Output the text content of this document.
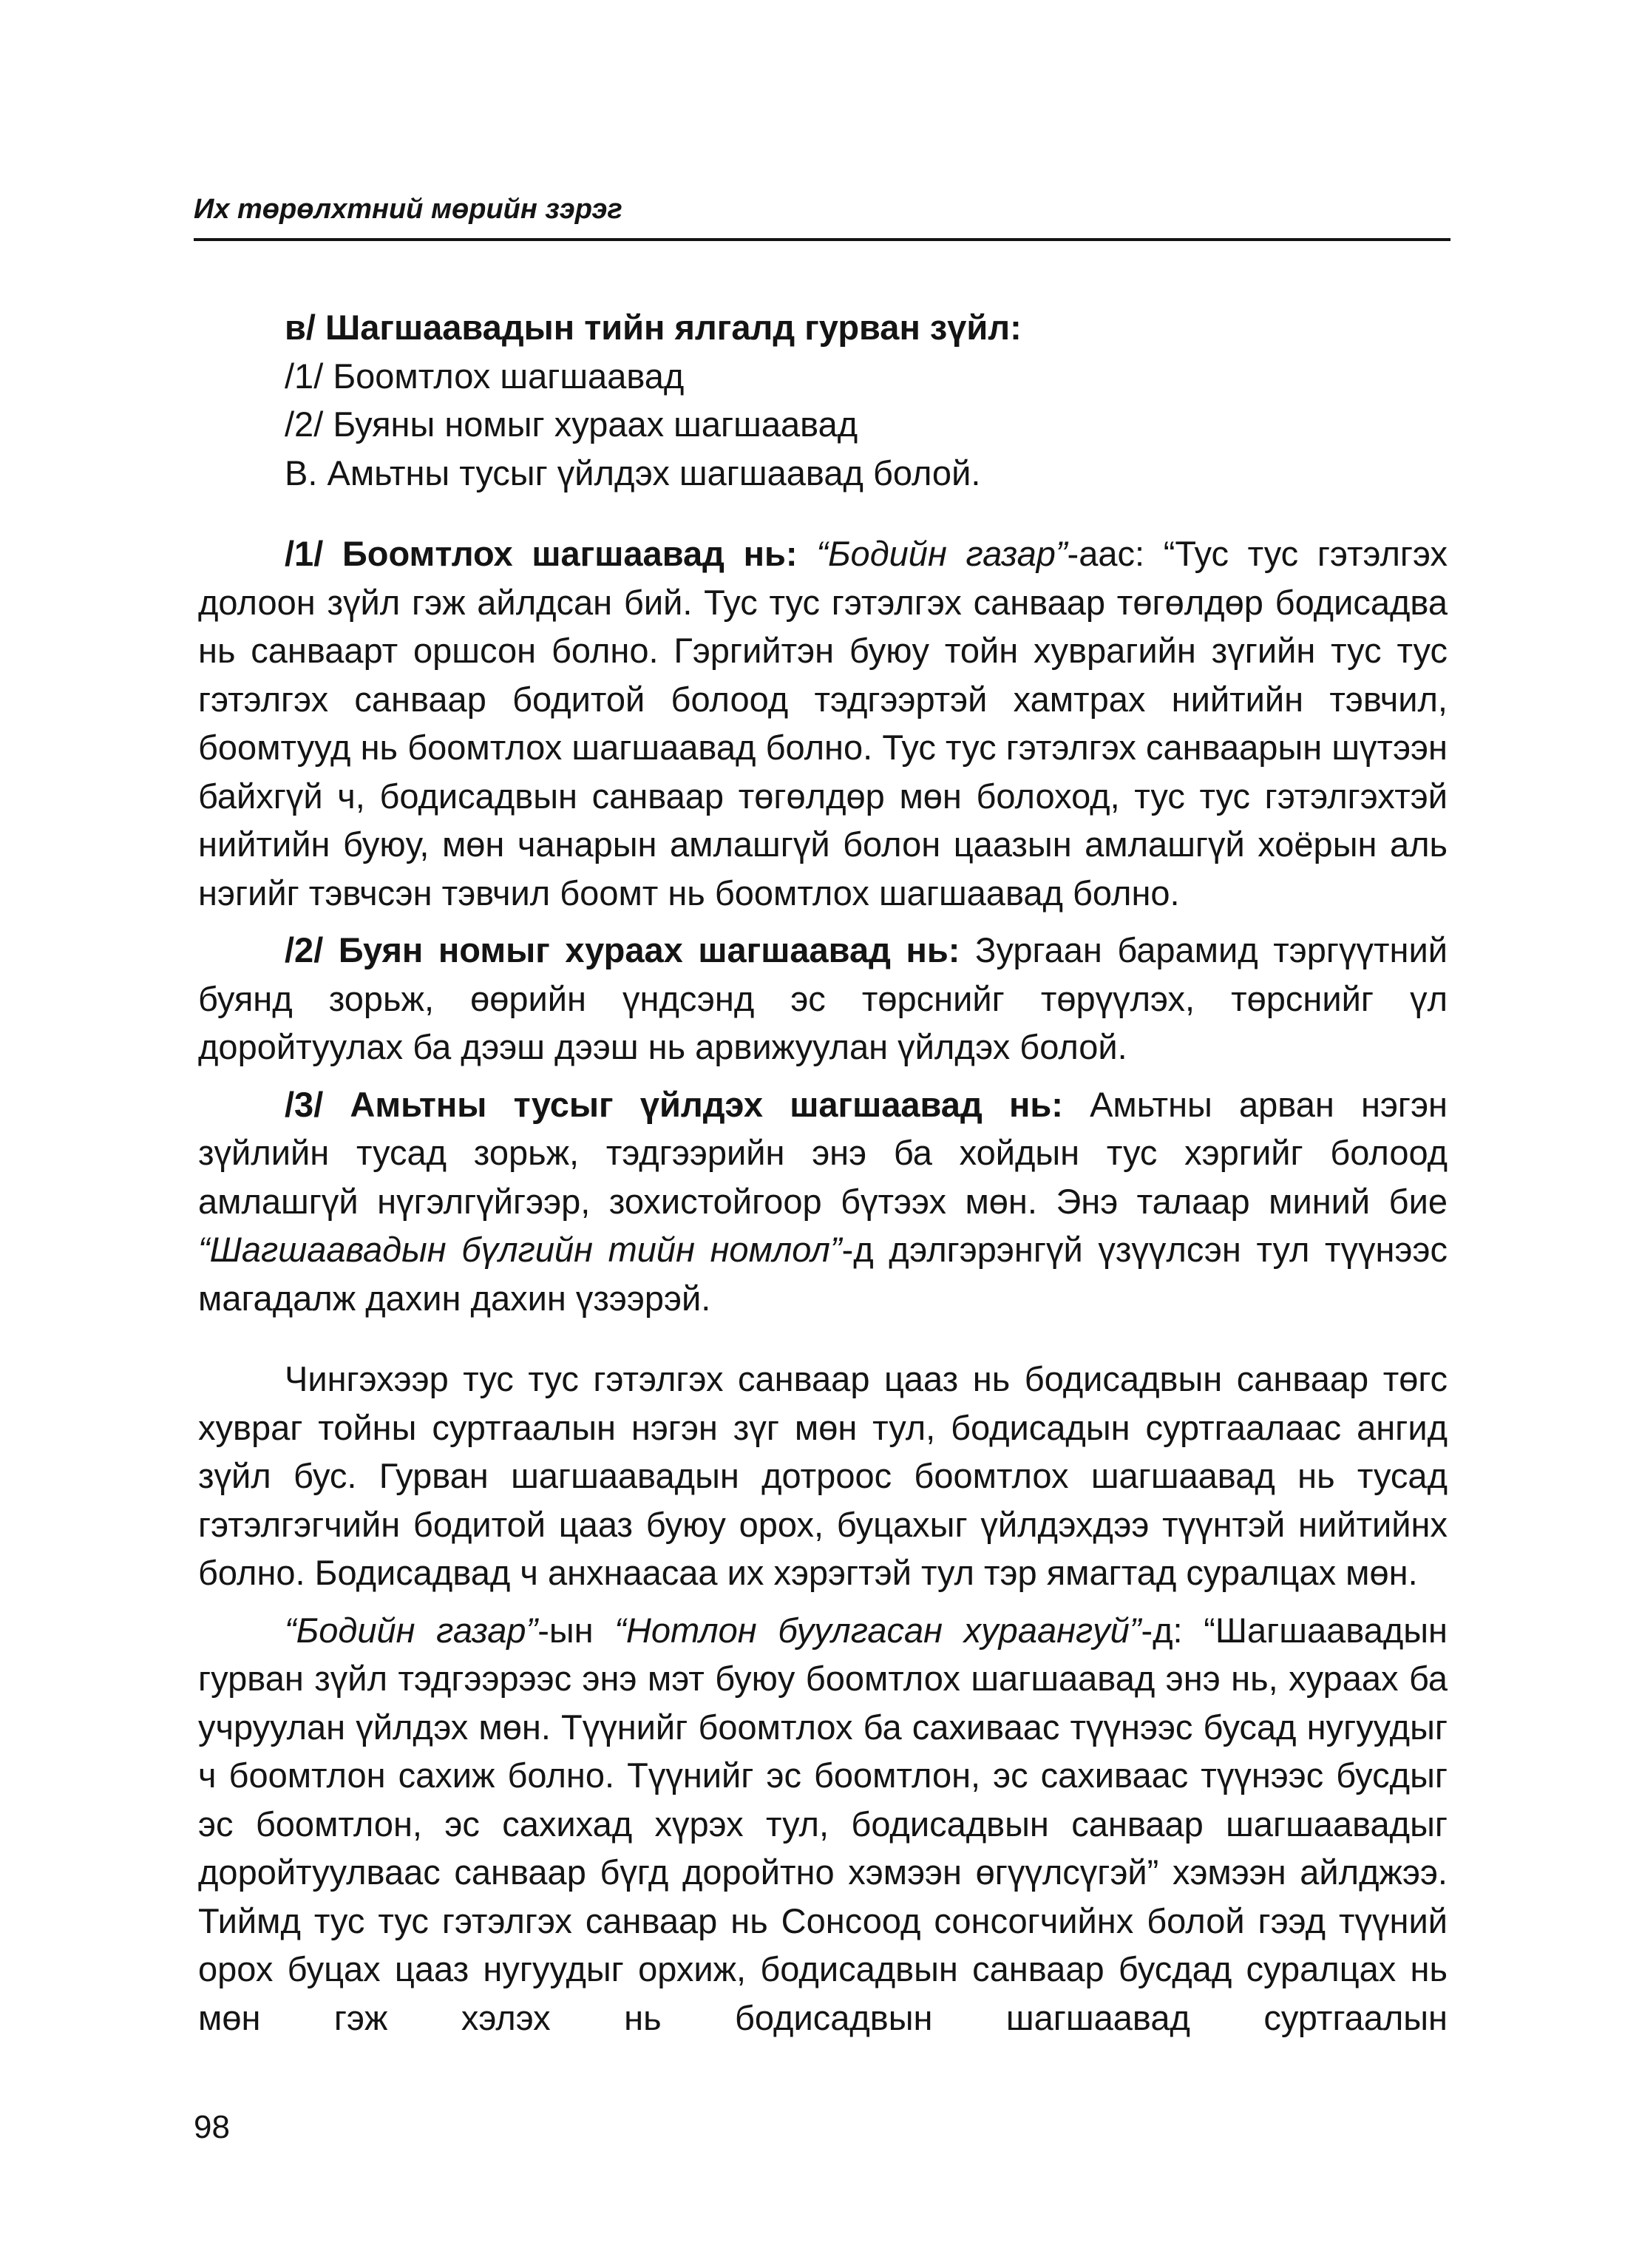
Их төрөлхтний мөрийн зэрэг
в/ Шагшаавадын тийн ялгалд гурван зүйл:
/1/ Боомтлох шагшаавад
/2/ Буяны номыг хураах шагшаавад
В. Амьтны тусыг үйлдэх шагшаавад болой.

/1/ Боомтлох шагшаавад нь: “Бодийн газар”-аас: “Тус тус гэтэлгэх долоон зүйл гэж айлдсан бий. Тус тус гэтэлгэх санваар төгөлдөр бодисадва нь санваарт оршсон болно. Гэргийтэн буюу тойн хуврагийн зүгийн тус тус гэтэлгэх санваар бодитой болоод тэдгээртэй хамтрах нийтийн тэвчил, боомтууд нь боомтлох шагшаавад болно. Тус тус гэтэлгэх санваарын шүтээн байхгүй ч, бодисадвын санваар төгөлдөр мөн болоход, тус тус гэтэлгэхтэй нийтийн буюу, мөн чанарын амлашгүй болон цаазын амлашгүй хоёрын аль нэгийг тэвчсэн тэвчил боомт нь боомтлох шагшаавад болно.

/2/ Буян номыг хураах шагшаавад нь: Зургаан барамид тэргүүтний буянд зорьж, өөрийн үндсэнд эс төрснийг төрүүлэх, төрснийг үл доройтуулах ба дээш дээш нь арвижуулан үйлдэх болой.

/3/ Амьтны тусыг үйлдэх шагшаавад нь: Амьтны арван нэгэн зүйлийн тусад зорьж, тэдгээрийн энэ ба хойдын тус хэргийг болоод амлашгүй нүгэлгүйгээр, зохистойгоор бүтээх мөн. Энэ талаар миний бие “Шагшаавадын бүлгийн тийн номлол”-д дэлгэрэнгүй үзүүлсэн тул түүнээс магадалж дахин дахин үзээрэй.

Чингэхээр тус тус гэтэлгэх санваар цааз нь бодисадвын санваар төгс хувраг тойны суртгаалын нэгэн зүг мөн тул, бодисадын суртгаалаас ангид зүйл бус. Гурван шагшаавадын дотроос боомтлох шагшаавад нь тусад гэтэлгэгчийн бодитой цааз буюу орох, буцахыг үйлдэхдээ түүнтэй нийтийнх болно. Бодисадвад ч анхнаасаа их хэрэгтэй тул тэр ямагтад суралцах мөн.

“Бодийн газар”-ын “Нотлон буулгасан хураангуй”-д: “Шагшаавадын гурван зүйл тэдгээрээс энэ мэт буюу боомтлох шагшаавад энэ нь, хураах ба учруулан үйлдэх мөн. Түүнийг боомтлох ба сахиваас түүнээс бусад нугуудыг ч боомтлон сахиж болно. Түүнийг эс боомтлон, эс сахиваас түүнээс бусдыг эс боомтлон, эс сахихад хүрэх тул, бодисадвын санваар шагшаавадыг доройтуулваас санваар бүгд доройтно хэмээн өгүүлсүгэй” хэмээн айлджээ. Тиймд тус тус гэтэлгэх санваар нь Сонсоод сонсогчийнх болой гээд түүний орох буцах цааз нугуудыг орхиж, бодисадвын санваар бусдад суралцах нь мөн гэж хэлэх нь бодисадвын шагшаавад суртгаалын

98
